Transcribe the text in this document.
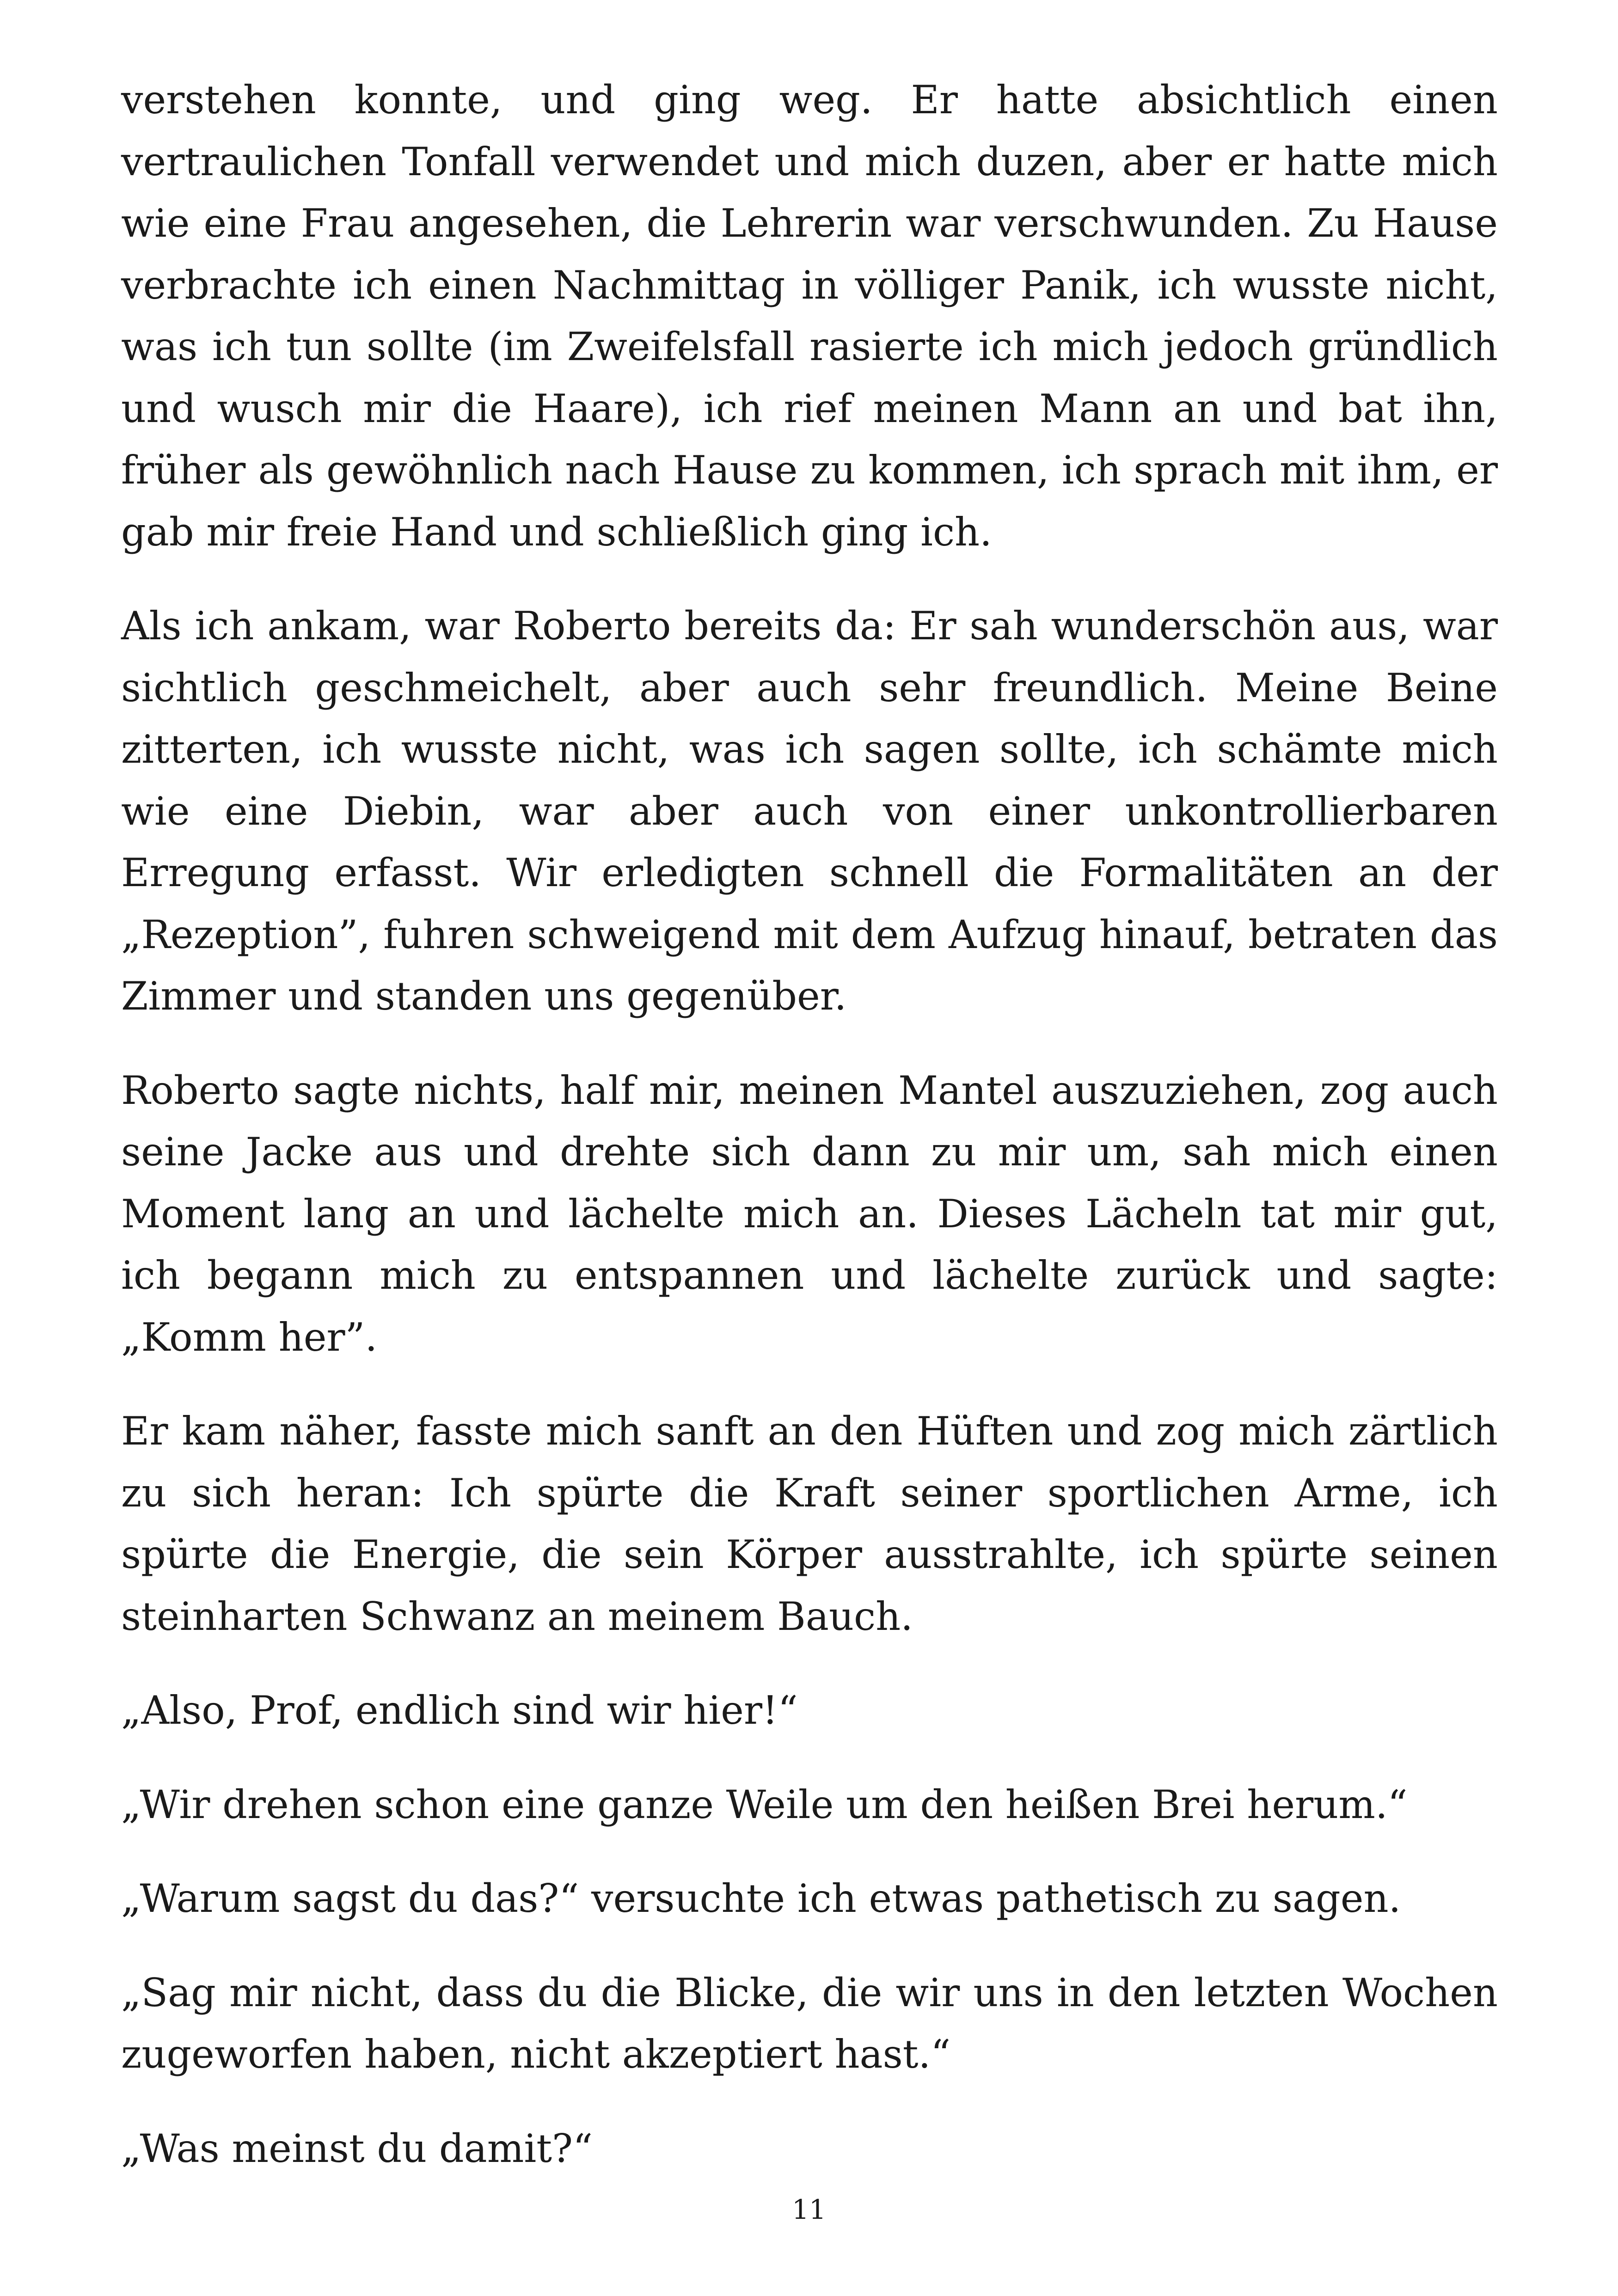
verstehen konnte, und ging weg. Er hatte absichtlich einen vertraulichen Tonfall verwendet und mich duzen, aber er hatte mich wie eine Frau angesehen, die Lehrerin war verschwunden. Zu Hause verbrachte ich einen Nachmittag in völliger Panik, ich wusste nicht, was ich tun sollte (im Zweifelsfall rasierte ich mich jedoch gründlich und wusch mir die Haare), ich rief meinen Mann an und bat ihn, früher als gewöhnlich nach Hause zu kommen, ich sprach mit ihm, er gab mir freie Hand und schließlich ging ich.

Als ich ankam, war Roberto bereits da: Er sah wunderschön aus, war sichtlich geschmeichelt, aber auch sehr freundlich. Meine Beine zitterten, ich wusste nicht, was ich sagen sollte, ich schämte mich wie eine Diebin, war aber auch von einer unkontrollierbaren Erregung erfasst. Wir erledigten schnell die Formalitäten an der „Rezeption”, fuhren schweigend mit dem Aufzug hinauf, betraten das Zimmer und standen uns gegenüber.

Roberto sagte nichts, half mir, meinen Mantel auszuziehen, zog auch seine Jacke aus und drehte sich dann zu mir um, sah mich einen Moment lang an und lächelte mich an. Dieses Lächeln tat mir gut, ich begann mich zu entspannen und lächelte zurück und sagte: „Komm her”.

Er kam näher, fasste mich sanft an den Hüften und zog mich zärtlich zu sich heran: Ich spürte die Kraft seiner sportlichen Arme, ich spürte die Energie, die sein Körper ausstrahlte, ich spürte seinen steinharten Schwanz an meinem Bauch.

„Also, Prof, endlich sind wir hier!“

„Wir drehen schon eine ganze Weile um den heißen Brei herum.“

„Warum sagst du das?“ versuchte ich etwas pathetisch zu sagen.

„Sag mir nicht, dass du die Blicke, die wir uns in den letzten Wochen zugeworfen haben, nicht akzeptiert hast.“

„Was meinst du damit?“

11
